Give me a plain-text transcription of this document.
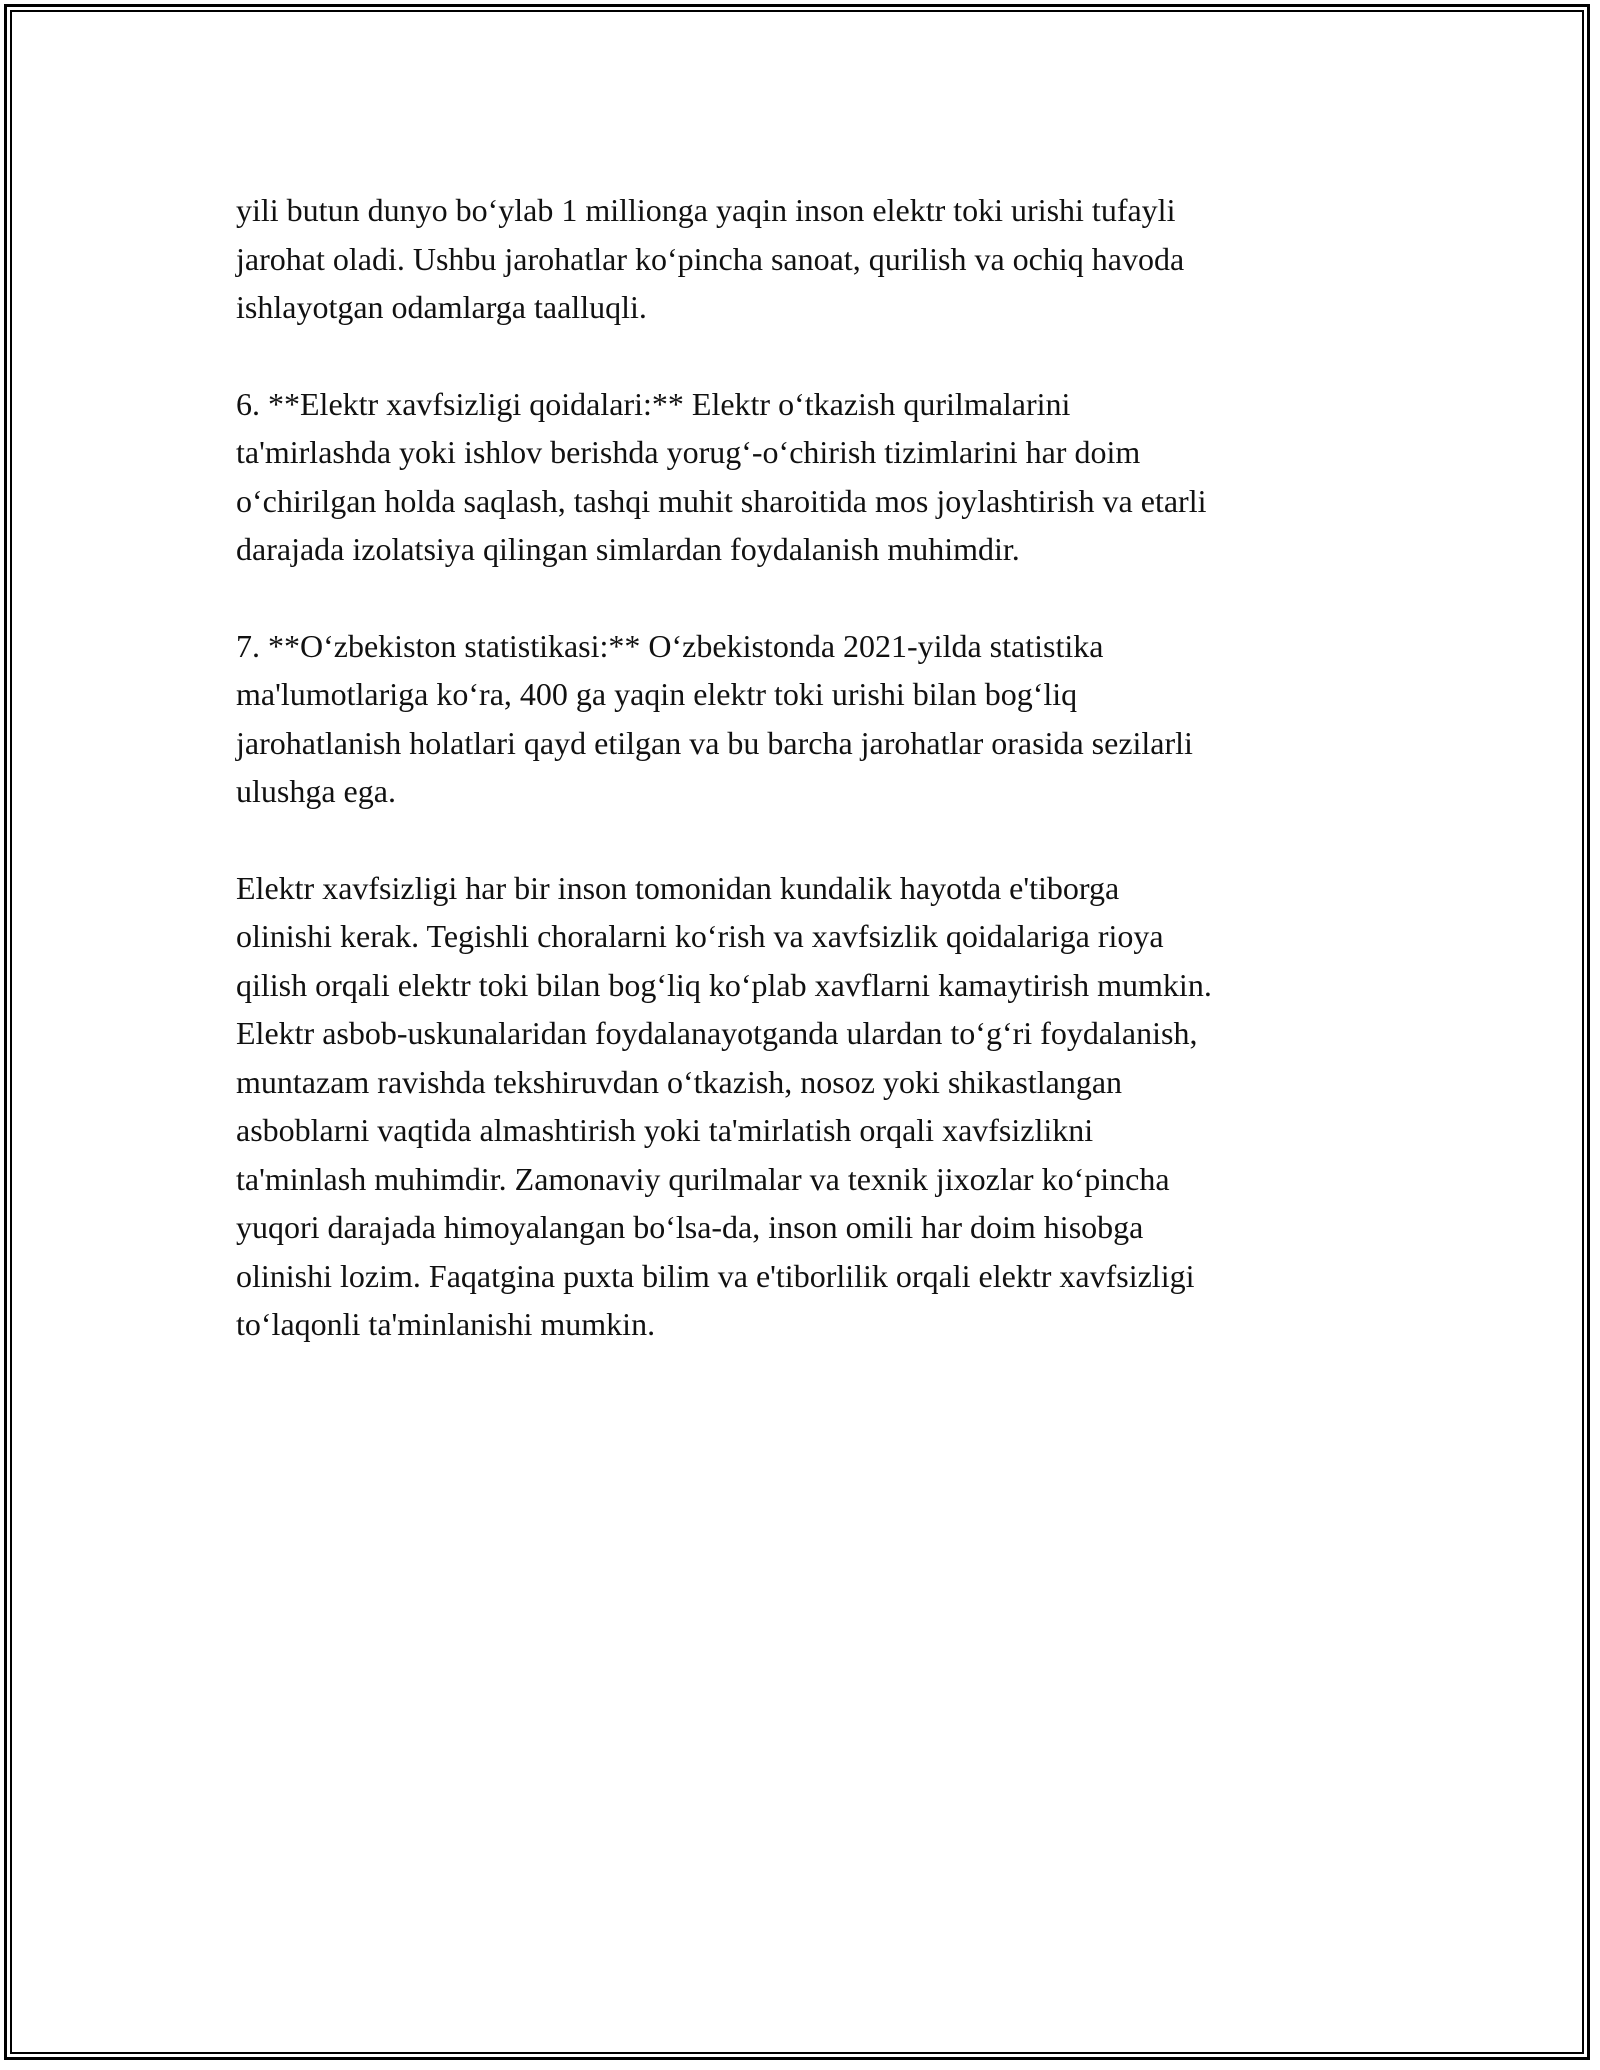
yili butun dunyo bo‘ylab 1 millionga yaqin inson elektr toki urishi tufayli
jarohat oladi. Ushbu jarohatlar ko‘pincha sanoat, qurilish va ochiq havoda
ishlayotgan odamlarga taalluqli.

6. **Elektr xavfsizligi qoidalari:** Elektr o‘tkazish qurilmalarini
ta'mirlashda yoki ishlov berishda yorug‘-o‘chirish tizimlarini har doim
o‘chirilgan holda saqlash, tashqi muhit sharoitida mos joylashtirish va etarli
darajada izolatsiya qilingan simlardan foydalanish muhimdir.

7. **O‘zbekiston statistikasi:** O‘zbekistonda 2021-yilda statistika
ma'lumotlariga ko‘ra, 400 ga yaqin elektr toki urishi bilan bog‘liq
jarohatlanish holatlari qayd etilgan va bu barcha jarohatlar orasida sezilarli
ulushga ega.

Elektr xavfsizligi har bir inson tomonidan kundalik hayotda e'tiborga
olinishi kerak. Tegishli choralarni ko‘rish va xavfsizlik qoidalariga rioya
qilish orqali elektr toki bilan bog‘liq ko‘plab xavflarni kamaytirish mumkin.
Elektr asbob-uskunalaridan foydalanayotganda ulardan to‘g‘ri foydalanish,
muntazam ravishda tekshiruvdan o‘tkazish, nosoz yoki shikastlangan
asboblarni vaqtida almashtirish yoki ta'mirlatish orqali xavfsizlikni
ta'minlash muhimdir. Zamonaviy qurilmalar va texnik jixozlar ko‘pincha
yuqori darajada himoyalangan bo‘lsa-da, inson omili har doim hisobga
olinishi lozim. Faqatgina puxta bilim va e'tiborlilik orqali elektr xavfsizligi
to‘laqonli ta'minlanishi mumkin.
